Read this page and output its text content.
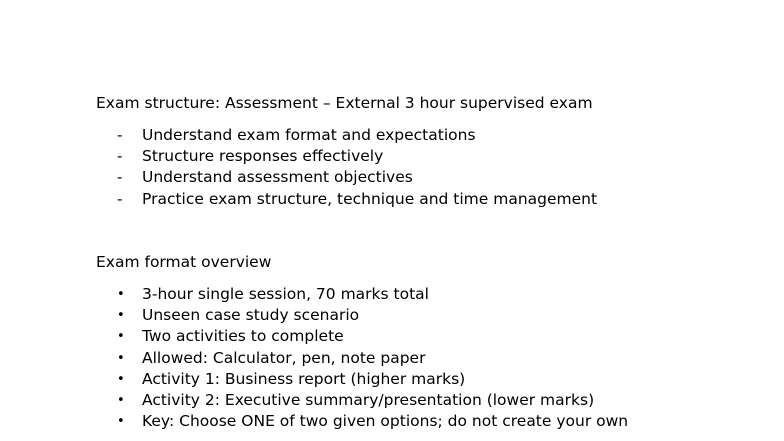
Exam structure: Assessment – External 3 hour supervised exam
-	Understand exam format and expectations
-	Structure responses effectively
-	Understand assessment objectives
-	Practice exam structure, technique and time management
Exam format overview
• 3-hour single session, 70 marks total
• Unseen case study scenario
• Two activities to complete
• Allowed: Calculator, pen, note paper
• Activity 1: Business report (higher marks)
• Activity 2: Executive summary/presentation (lower marks)
• Key: Choose ONE of two given options; do not create your own
